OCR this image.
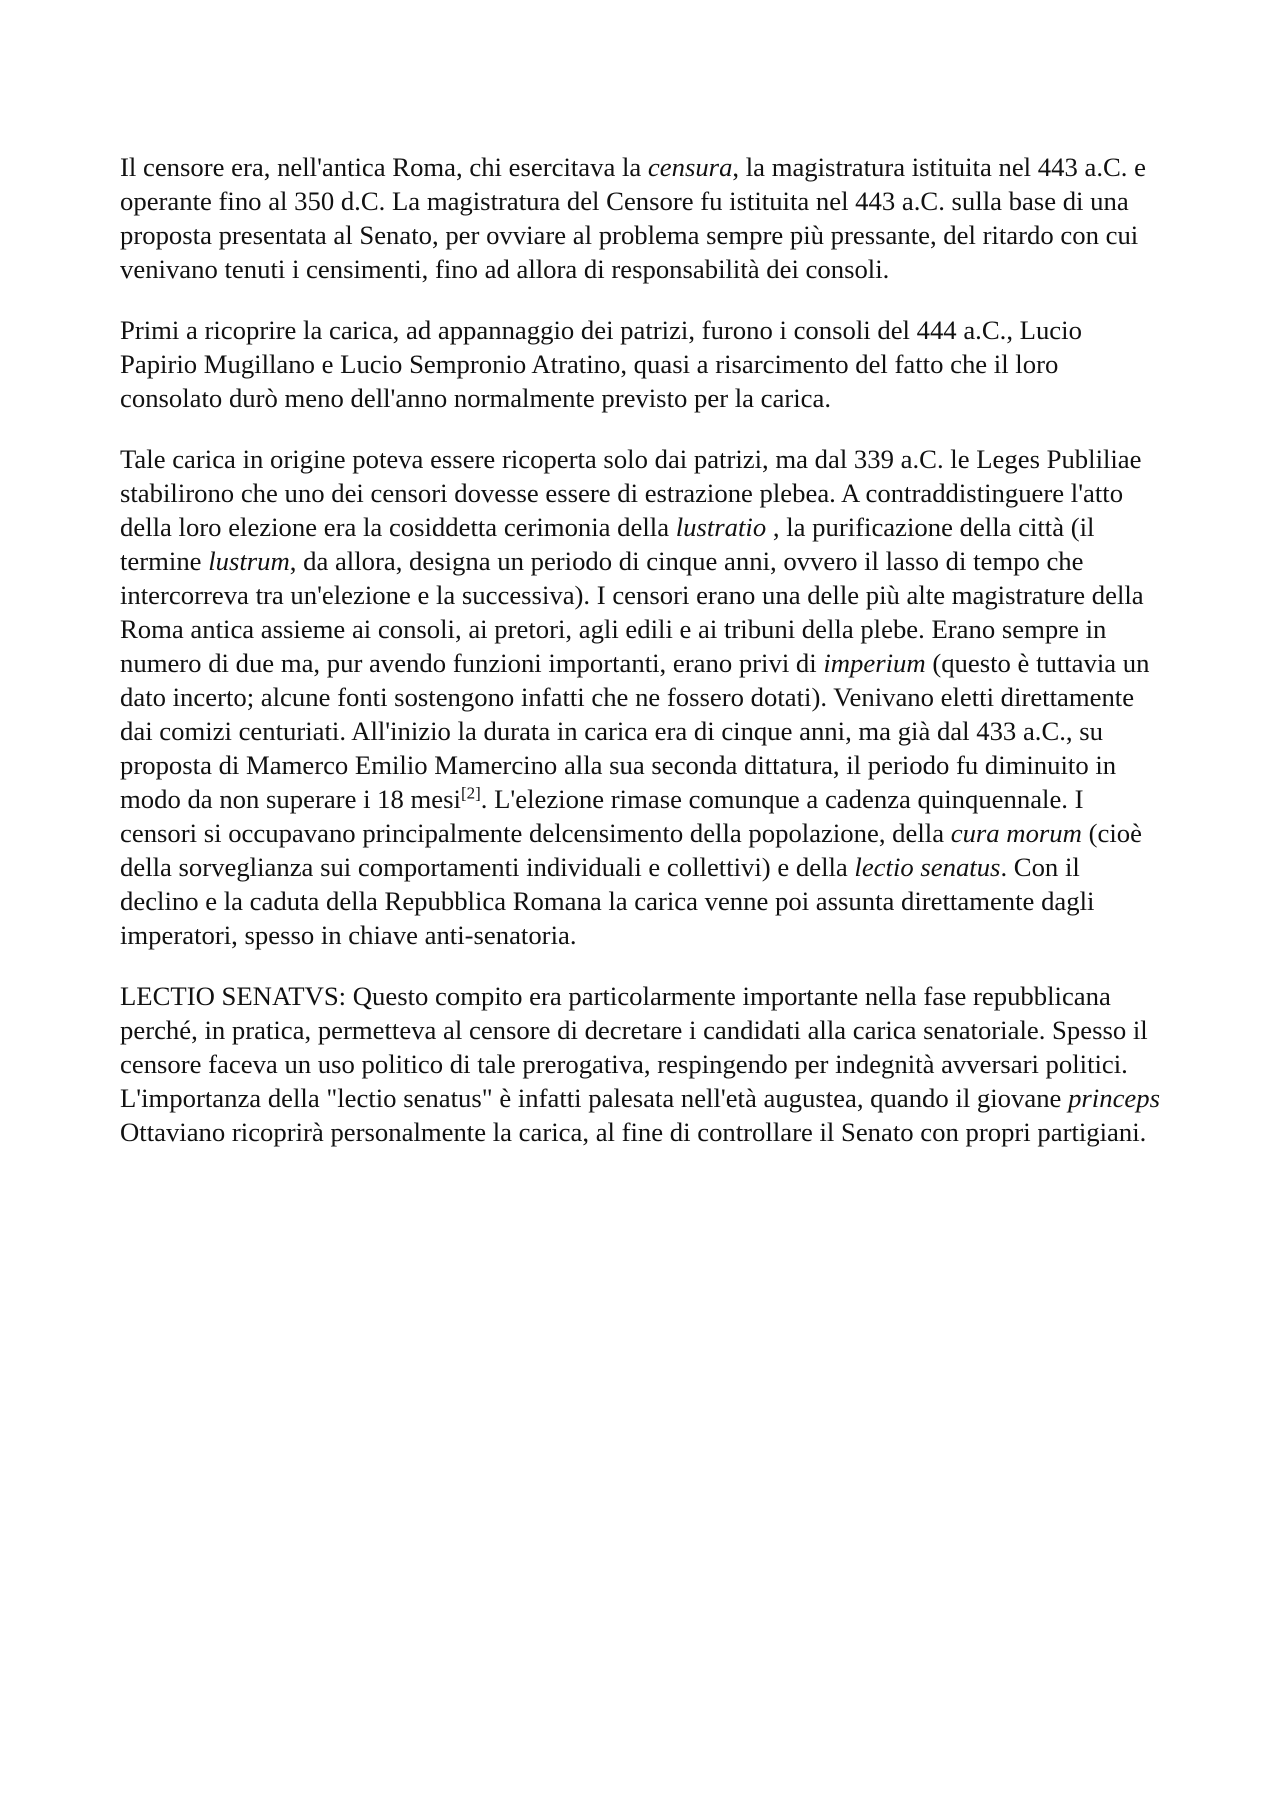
Il censore era, nell'antica Roma, chi esercitava la censura, la magistratura istituita nel 443 a.C. e operante fino al 350 d.C. La magistratura del Censore fu istituita nel 443 a.C. sulla base di una proposta presentata al Senato, per ovviare al problema sempre più pressante, del ritardo con cui venivano tenuti i censimenti, fino ad allora di responsabilità dei consoli.

Primi a ricoprire la carica, ad appannaggio dei patrizi, furono i consoli del 444 a.C., Lucio Papirio Mugillano e Lucio Sempronio Atratino, quasi a risarcimento del fatto che il loro consolato durò meno dell'anno normalmente previsto per la carica.

Tale carica in origine poteva essere ricoperta solo dai patrizi, ma dal 339 a.C. le Leges Publiliae stabilirono che uno dei censori dovesse essere di estrazione plebea. A contraddistinguere l'atto della loro elezione era la cosiddetta cerimonia della lustratio , la purificazione della città (il termine lustrum, da allora, designa un periodo di cinque anni, ovvero il lasso di tempo che intercorreva tra un'elezione e la successiva). I censori erano una delle più alte magistrature della Roma antica assieme ai consoli, ai pretori, agli edili e ai tribuni della plebe. Erano sempre in numero di due ma, pur avendo funzioni importanti, erano privi di imperium (questo è tuttavia un dato incerto; alcune fonti sostengono infatti che ne fossero dotati). Venivano eletti direttamente dai comizi centuriati. All'inizio la durata in carica era di cinque anni, ma già dal 433 a.C., su proposta di Mamerco Emilio Mamercino alla sua seconda dittatura, il periodo fu diminuito in modo da non superare i 18 mesi[2]. L'elezione rimase comunque a cadenza quinquennale. I censori si occupavano principalmente delcensimento della popolazione, della cura morum (cioè della sorveglianza sui comportamenti individuali e collettivi) e della lectio senatus. Con il declino e la caduta della Repubblica Romana la carica venne poi assunta direttamente dagli imperatori, spesso in chiave anti-senatoria.

LECTIO SENATVS: Questo compito era particolarmente importante nella fase repubblicana perché, in pratica, permetteva al censore di decretare i candidati alla carica senatoriale. Spesso il censore faceva un uso politico di tale prerogativa, respingendo per indegnità avversari politici. L'importanza della "lectio senatus" è infatti palesata nell'età augustea, quando il giovane princeps Ottaviano ricoprirà personalmente la carica, al fine di controllare il Senato con propri partigiani.
